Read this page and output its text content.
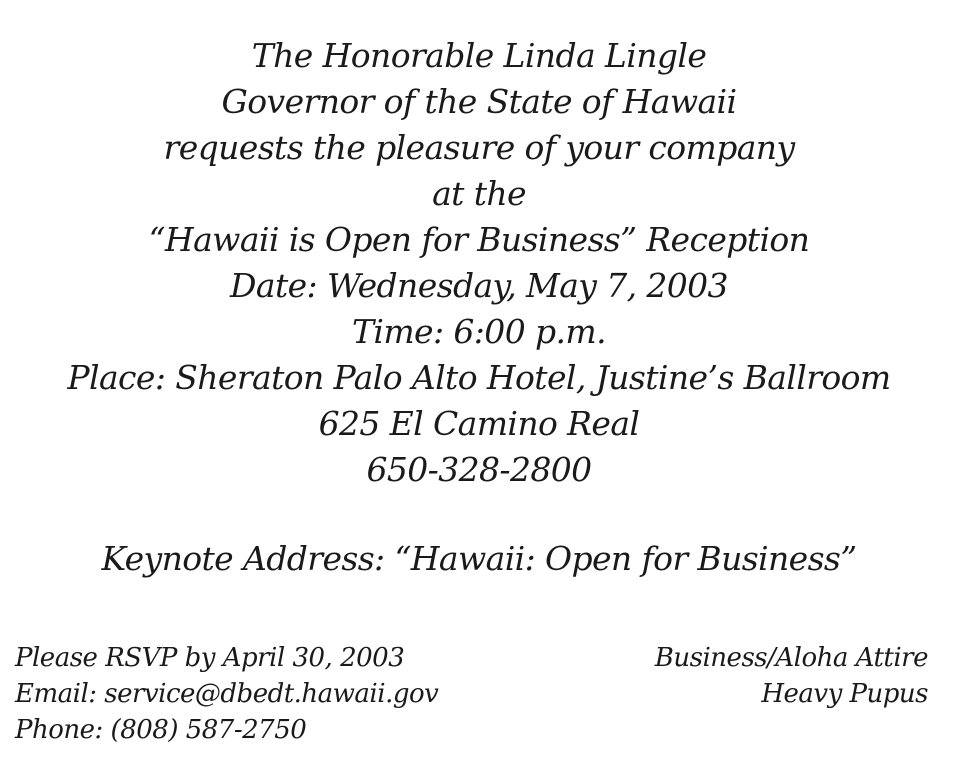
The Honorable Linda Lingle
Governor of the State of Hawaii
requests the pleasure of your company
at the
“Hawaii is Open for Business” Reception
Date: Wednesday, May 7, 2003
Time: 6:00 p.m.
Place: Sheraton Palo Alto Hotel, Justine’s Ballroom
625 El Camino Real
650-328-2800
Keynote Address: “Hawaii: Open for Business”
Please RSVP by April 30, 2003
Email: service@dbedt.hawaii.gov
Phone: (808) 587-2750
Business/Aloha Attire
Heavy Pupus
